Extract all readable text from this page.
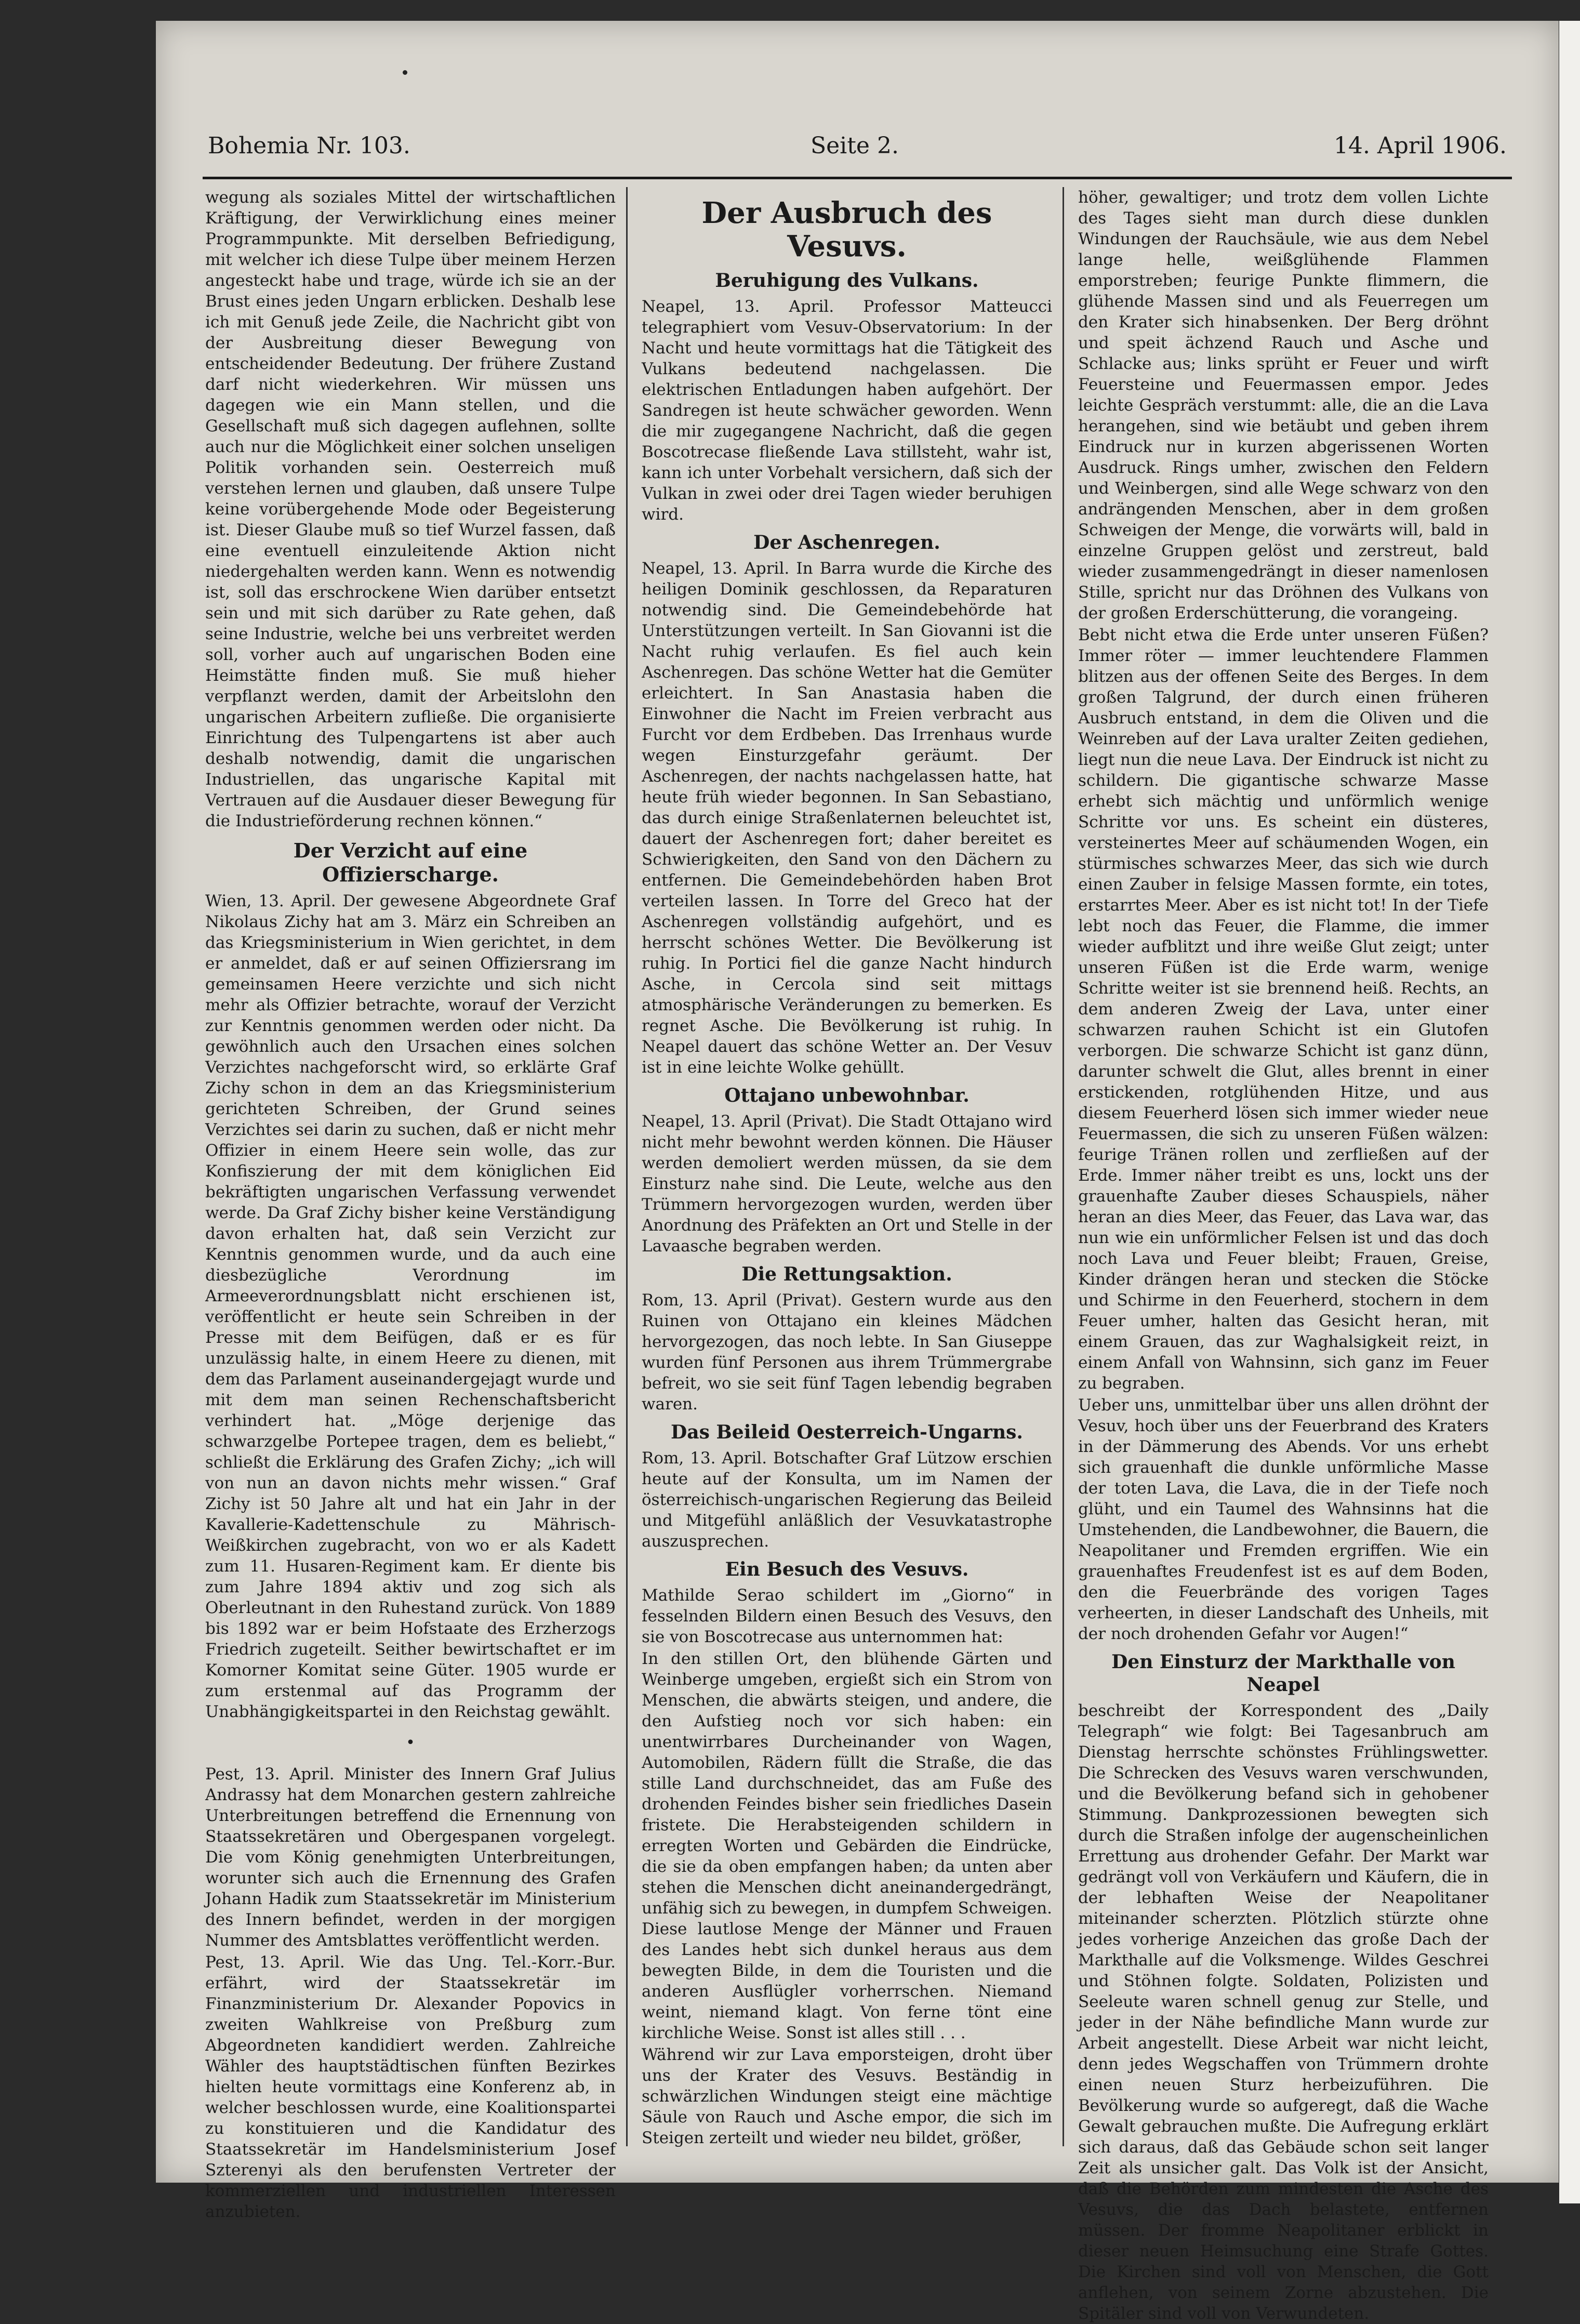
Bohemia Nr. 103.	Seite 2.	14. April 1906.

wegung als soziales Mittel der wirtschaftlichen Kräftigung, der Verwirklichung eines meiner Programmpunkte. Mit derselben Befriedigung, mit welcher ich diese Tulpe über meinem Herzen angesteckt habe und trage, würde ich sie an der Brust eines jeden Ungarn erblicken. Deshalb lese ich mit Genuß jede Zeile, die Nachricht gibt von der Ausbreitung dieser Bewegung von entscheidender Bedeutung. Der frühere Zustand darf nicht wiederkehren. Wir müssen uns dagegen wie ein Mann stellen, und die Gesellschaft muß sich dagegen auflehnen, sollte auch nur die Möglichkeit einer solchen unseligen Politik vorhanden sein. Oesterreich muß verstehen lernen und glauben, daß unsere Tulpe keine vorübergehende Mode oder Begeisterung ist. Dieser Glaube muß so tief Wurzel fassen, daß eine eventuell einzuleitende Aktion nicht niedergehalten werden kann. Wenn es notwendig ist, soll das erschrockene Wien darüber entsetzt sein und mit sich darüber zu Rate gehen, daß seine Industrie, welche bei uns verbreitet werden soll, vorher auch auf ungarischen Boden eine Heimstätte finden muß. Sie muß hieher verpflanzt werden, damit der Arbeitslohn den ungarischen Arbeitern zufließe. Die organisierte Einrichtung des Tulpengartens ist aber auch deshalb notwendig, damit die ungarischen Industriellen, das ungarische Kapital mit Vertrauen auf die Ausdauer dieser Bewegung für die Industrieförderung rechnen können.“

Der Verzicht auf eine Offizierscharge.

Wien, 13. April. Der gewesene Abgeordnete Graf Nikolaus Zichy hat am 3. März ein Schreiben an das Kriegsministerium in Wien gerichtet, in dem er anmeldet, daß er auf seinen Offiziersrang im gemeinsamen Heere verzichte und sich nicht mehr als Offizier betrachte, worauf der Verzicht zur Kenntnis genommen werden oder nicht. Da gewöhnlich auch den Ursachen eines solchen Verzichtes nachgeforscht wird, so erklärte Graf Zichy schon in dem an das Kriegsministerium gerichteten Schreiben, der Grund seines Verzichtes sei darin zu suchen, daß er nicht mehr Offizier in einem Heere sein wolle, das zur Konfiszierung der mit dem königlichen Eid bekräftigten ungarischen Verfassung verwendet werde. Da Graf Zichy bisher keine Verständigung davon erhalten hat, daß sein Verzicht zur Kenntnis genommen wurde, und da auch eine diesbezügliche Verordnung im Armeeverordnungsblatt nicht erschienen ist, veröffentlicht er heute sein Schreiben in der Presse mit dem Beifügen, daß er es für unzulässig halte, in einem Heere zu dienen, mit dem das Parlament auseinandergejagt wurde und mit dem man seinen Rechenschaftsbericht verhindert hat. „Möge derjenige das schwarzgelbe Portepee tragen, dem es beliebt,“ schließt die Erklärung des Grafen Zichy; „ich will von nun an davon nichts mehr wissen.“ Graf Zichy ist 50 Jahre alt und hat ein Jahr in der Kavallerie-Kadettenschule zu Mährisch-Weißkirchen zugebracht, von wo er als Kadett zum 11. Husaren-Regiment kam. Er diente bis zum Jahre 1894 aktiv und zog sich als Oberleutnant in den Ruhestand zurück. Von 1889 bis 1892 war er beim Hofstaate des Erzherzogs Friedrich zugeteilt. Seither bewirtschaftet er im Komorner Komitat seine Güter. 1905 wurde er zum erstenmal auf das Programm der Unabhängigkeitspartei in den Reichstag gewählt.

•

Pest, 13. April. Minister des Innern Graf Julius Andrassy hat dem Monarchen gestern zahlreiche Unterbreitungen betreffend die Ernennung von Staatssekretären und Obergespanen vorgelegt. Die vom König genehmigten Unterbreitungen, worunter sich auch die Ernennung des Grafen Johann Hadik zum Staatssekretär im Ministerium des Innern befindet, werden in der morgigen Nummer des Amtsblattes veröffentlicht werden.

Pest, 13. April. Wie das Ung. Tel.-Korr.-Bur. erfährt, wird der Staatssekretär im Finanzministerium Dr. Alexander Popovics in zweiten Wahlkreise von Preßburg zum Abgeordneten kandidiert werden. Zahlreiche Wähler des hauptstädtischen fünften Bezirkes hielten heute vormittags eine Konferenz ab, in welcher beschlossen wurde, eine Koalitionspartei zu konstituieren und die Kandidatur des Staatssekretär im Handelsministerium Josef Szterenyi als den berufensten Vertreter der kommerziellen und industriellen Interessen anzubieten.

Der Ausbruch des Vesuvs.
Beruhigung des Vulkans.

Neapel, 13. April. Professor Matteucci telegraphiert vom Vesuv-Observatorium: In der Nacht und heute vormittags hat die Tätigkeit des Vulkans bedeutend nachgelassen. Die elektrischen Entladungen haben aufgehört. Der Sandregen ist heute schwächer geworden. Wenn die mir zugegangene Nachricht, daß die gegen Boscotrecase fließende Lava stillsteht, wahr ist, kann ich unter Vorbehalt versichern, daß sich der Vulkan in zwei oder drei Tagen wieder beruhigen wird.

Der Aschenregen.

Neapel, 13. April. In Barra wurde die Kirche des heiligen Dominik geschlossen, da Reparaturen notwendig sind. Die Gemeindebehörde hat Unterstützungen verteilt. In San Giovanni ist die Nacht ruhig verlaufen. Es fiel auch kein Aschenregen. Das schöne Wetter hat die Gemüter erleichtert. In San Anastasia haben die Einwohner die Nacht im Freien verbracht aus Furcht vor dem Erdbeben. Das Irrenhaus wurde wegen Einsturzgefahr geräumt. Der Aschenregen, der nachts nachgelassen hatte, hat heute früh wieder begonnen. In San Sebastiano, das durch einige Straßenlaternen beleuchtet ist, dauert der Aschenregen fort; daher bereitet es Schwierigkeiten, den Sand von den Dächern zu entfernen. Die Gemeindebehörden haben Brot verteilen lassen. In Torre del Greco hat der Aschenregen vollständig aufgehört, und es herrscht schönes Wetter. Die Bevölkerung ist ruhig. In Portici fiel die ganze Nacht hindurch Asche, in Cercola sind seit mittags atmosphärische Veränderungen zu bemerken. Es regnet Asche. Die Bevölkerung ist ruhig. In Neapel dauert das schöne Wetter an. Der Vesuv ist in eine leichte Wolke gehüllt.

Ottajano unbewohnbar.

Neapel, 13. April (Privat). Die Stadt Ottajano wird nicht mehr bewohnt werden können. Die Häuser werden demoliert werden müssen, da sie dem Einsturz nahe sind. Die Leute, welche aus den Trümmern hervorgezogen wurden, werden über Anordnung des Präfekten an Ort und Stelle in der Lavaasche begraben werden.

Die Rettungsaktion.

Rom, 13. April (Privat). Gestern wurde aus den Ruinen von Ottajano ein kleines Mädchen hervorgezogen, das noch lebte. In San Giuseppe wurden fünf Personen aus ihrem Trümmergrabe befreit, wo sie seit fünf Tagen lebendig begraben waren.

Das Beileid Oesterreich-Ungarns.

Rom, 13. April. Botschafter Graf Lützow erschien heute auf der Konsulta, um im Namen der österreichisch-ungarischen Regierung das Beileid und Mitgefühl anläßlich der Vesuvkatastrophe auszusprechen.

Ein Besuch des Vesuvs.

Mathilde Serao schildert im „Giorno“ in fesselnden Bildern einen Besuch des Vesuvs, den sie von Boscotrecase aus unternommen hat:

In den stillen Ort, den blühende Gärten und Weinberge umgeben, ergießt sich ein Strom von Menschen, die abwärts steigen, und andere, die den Aufstieg noch vor sich haben: ein unentwirrbares Durcheinander von Wagen, Automobilen, Rädern füllt die Straße, die das stille Land durchschneidet, das am Fuße des drohenden Feindes bisher sein friedliches Dasein fristete. Die Herabsteigenden schildern in erregten Worten und Gebärden die Eindrücke, die sie da oben empfangen haben; da unten aber stehen die Menschen dicht aneinandergedrängt, unfähig sich zu bewegen, in dumpfem Schweigen. Diese lautlose Menge der Männer und Frauen des Landes hebt sich dunkel heraus aus dem bewegten Bilde, in dem die Touristen und die anderen Ausflügler vorherrschen. Niemand weint, niemand klagt. Von ferne tönt eine kirchliche Weise. Sonst ist alles still . . .

Während wir zur Lava emporsteigen, droht über uns der Krater des Vesuvs. Beständig in schwärzlichen Windungen steigt eine mächtige Säule von Rauch und Asche empor, die sich im Steigen zerteilt und wieder neu bildet, größer,

höher, gewaltiger; und trotz dem vollen Lichte des Tages sieht man durch diese dunklen Windungen der Rauchsäule, wie aus dem Nebel lange helle, weißglühende Flammen emporstreben; feurige Punkte flimmern, die glühende Massen sind und als Feuerregen um den Krater sich hinabsenken. Der Berg dröhnt und speit ächzend Rauch und Asche und Schlacke aus; links sprüht er Feuer und wirft Feuersteine und Feuermassen empor. Jedes leichte Gespräch verstummt: alle, die an die Lava herangehen, sind wie betäubt und geben ihrem Eindruck nur in kurzen abgerissenen Worten Ausdruck. Rings umher, zwischen den Feldern und Weinbergen, sind alle Wege schwarz von den andrängenden Menschen, aber in dem großen Schweigen der Menge, die vorwärts will, bald in einzelne Gruppen gelöst und zerstreut, bald wieder zusammengedrängt in dieser namenlosen Stille, spricht nur das Dröhnen des Vulkans von der großen Erderschütterung, die vorangeing.

Bebt nicht etwa die Erde unter unseren Füßen? Immer röter — immer leuchtendere Flammen blitzen aus der offenen Seite des Berges. In dem großen Talgrund, der durch einen früheren Ausbruch entstand, in dem die Oliven und die Weinreben auf der Lava uralter Zeiten gediehen, liegt nun die neue Lava. Der Eindruck ist nicht zu schildern. Die gigantische schwarze Masse erhebt sich mächtig und unförmlich wenige Schritte vor uns. Es scheint ein düsteres, versteinertes Meer auf schäumenden Wogen, ein stürmisches schwarzes Meer, das sich wie durch einen Zauber in felsige Massen formte, ein totes, erstarrtes Meer. Aber es ist nicht tot! In der Tiefe lebt noch das Feuer, die Flamme, die immer wieder aufblitzt und ihre weiße Glut zeigt; unter unseren Füßen ist die Erde warm, wenige Schritte weiter ist sie brennend heiß. Rechts, an dem anderen Zweig der Lava, unter einer schwarzen rauhen Schicht ist ein Glutofen verborgen. Die schwarze Schicht ist ganz dünn, darunter schwelt die Glut, alles brennt in einer erstickenden, rotglühenden Hitze, und aus diesem Feuerherd lösen sich immer wieder neue Feuermassen, die sich zu unseren Füßen wälzen: feurige Tränen rollen und zerfließen auf der Erde. Immer näher treibt es uns, lockt uns der grauenhafte Zauber dieses Schauspiels, näher heran an dies Meer, das Feuer, das Lava war, das nun wie ein unförmlicher Felsen ist und das doch noch Lava und Feuer bleibt; Frauen, Greise, Kinder drängen heran und stecken die Stöcke und Schirme in den Feuerherd, stochern in dem Feuer umher, halten das Gesicht heran, mit einem Grauen, das zur Waghalsigkeit reizt, in einem Anfall von Wahnsinn, sich ganz im Feuer zu begraben.

Ueber uns, unmittelbar über uns allen dröhnt der Vesuv, hoch über uns der Feuerbrand des Kraters in der Dämmerung des Abends. Vor uns erhebt sich grauenhaft die dunkle unförmliche Masse der toten Lava, die Lava, die in der Tiefe noch glüht, und ein Taumel des Wahnsinns hat die Umstehenden, die Landbewohner, die Bauern, die Neapolitaner und Fremden ergriffen. Wie ein grauenhaftes Freudenfest ist es auf dem Boden, den die Feuerbrände des vorigen Tages verheerten, in dieser Landschaft des Unheils, mit der noch drohenden Gefahr vor Augen!“

Den Einsturz der Markthalle von Neapel

beschreibt der Korrespondent des „Daily Telegraph“ wie folgt: Bei Tagesanbruch am Dienstag herrschte schönstes Frühlingswetter. Die Schrecken des Vesuvs waren verschwunden, und die Bevölkerung befand sich in gehobener Stimmung. Dankprozessionen bewegten sich durch die Straßen infolge der augenscheinlichen Errettung aus drohender Gefahr. Der Markt war gedrängt voll von Verkäufern und Käufern, die in der lebhaften Weise der Neapolitaner miteinander scherzten. Plötzlich stürzte ohne jedes vorherige Anzeichen das große Dach der Markthalle auf die Volksmenge. Wildes Geschrei und Stöhnen folgte. Soldaten, Polizisten und Seeleute waren schnell genug zur Stelle, und jeder in der Nähe befindliche Mann wurde zur Arbeit angestellt. Diese Arbeit war nicht leicht, denn jedes Wegschaffen von Trümmern drohte einen neuen Sturz herbeizuführen. Die Bevölkerung wurde so aufgeregt, daß die Wache Gewalt gebrauchen mußte. Die Aufregung erklärt sich daraus, daß das Gebäude schon seit langer Zeit als unsicher galt. Das Volk ist der Ansicht, daß die Behörden zum mindesten die Asche des Vesuvs, die das Dach belastete, entfernen müssen. Der fromme Neapolitaner erblickt in dieser neuen Heimsuchung eine Strafe Gottes. Die Kirchen sind voll von Menschen, die Gott anflehen, von seinem Zorne abzustehen. Die Spitäler sind voll von Verwundeten.
